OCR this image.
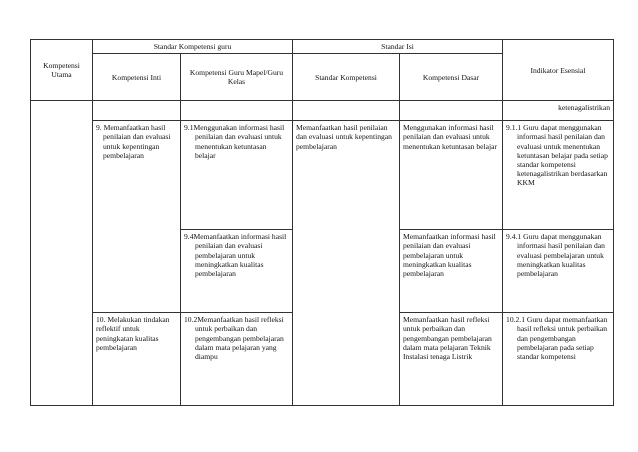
Kompetensi Utama	Standar Kompetensi guru		Standar Isi		Indikator Esensial
	Kompetensi Inti	Kompetensi Guru Mapel/Guru Kelas	Standar Kompetensi	Kompetensi Dasar	
					ketenagalistrikan
	9. Memanfaatkan hasil penilaian dan evaluasi untuk kepentingan pembelajaran	9.1Menggunakan informasi hasil penilaian dan evaluasi untuk menentukan ketuntasan belajar	Memanfaatkan hasil penilaian dan evaluasi untuk kepentingan pembelajaran	Menggunakan informasi hasil penilaian dan evaluasi untuk menentukan ketuntasan belajar	9.1.1 Guru dapat menggunakan informasi hasil penilaian dan evaluasi untuk menentukan ketuntasan belajar pada setiap standar kompetensi ketenagalistrikan berdasarkan KKM
		9.4Memanfaatkan informasi hasil penilaian dan evaluasi pembelajaran untuk meningkatkan kualitas pembelajaran		Memanfaatkan informasi hasil penilaian dan evaluasi pembelajaran untuk meningkatkan kualitas pembelajaran	9.4.1 Guru dapat menggunakan informasi hasil penilaian dan evaluasi pembelajaran untuk meningkatkan kualitas pembelajaran
	10. Melakukan tindakan reflektif untuk peningkatan kualitas pembelajaran	10.2Memanfaatkan hasil refleksi untuk perbaikan dan pengembangan pembelajaran dalam mata pelajaran yang diampu		Memanfaatkan hasil refleksi untuk perbaikan dan pengembangan pembelajaran dalam mata pelajaran Teknik Instalasi tenaga Listrik	10.2.1 Guru dapat memanfaatkan hasil refleksi untuk perbaikan dan pengembangan pembelajaran pada setiap standar kompetensi
